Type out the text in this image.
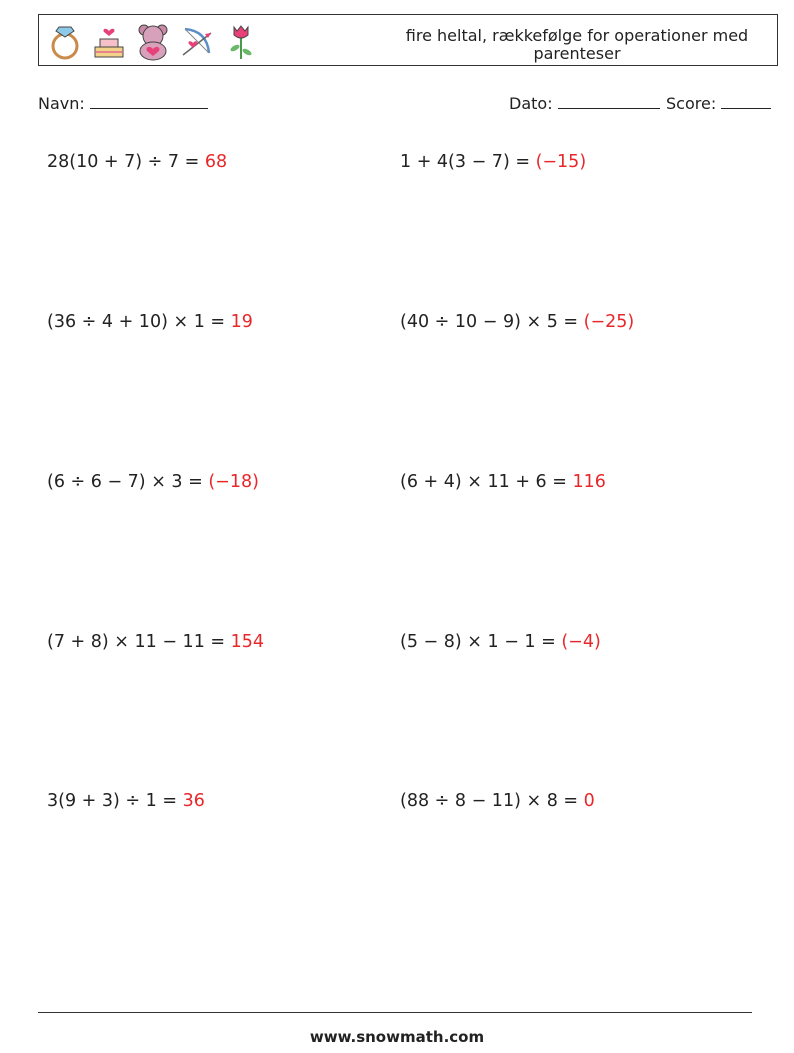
fire heltal, rækkefølge for operationer med parenteser
Navn:	Dato:	Score:
28(10 + 7) ÷ 7 = 68	1 + 4(3 − 7) = (−15)
(36 ÷ 4 + 10) × 1 = 19	(40 ÷ 10 − 9) × 5 = (−25)
(6 ÷ 6 − 7) × 3 = (−18)	(6 + 4) × 11 + 6 = 116
(7 + 8) × 11 − 11 = 154	(5 − 8) × 1 − 1 = (−4)
3(9 + 3) ÷ 1 = 36	(88 ÷ 8 − 11) × 8 = 0
www.snowmath.com
